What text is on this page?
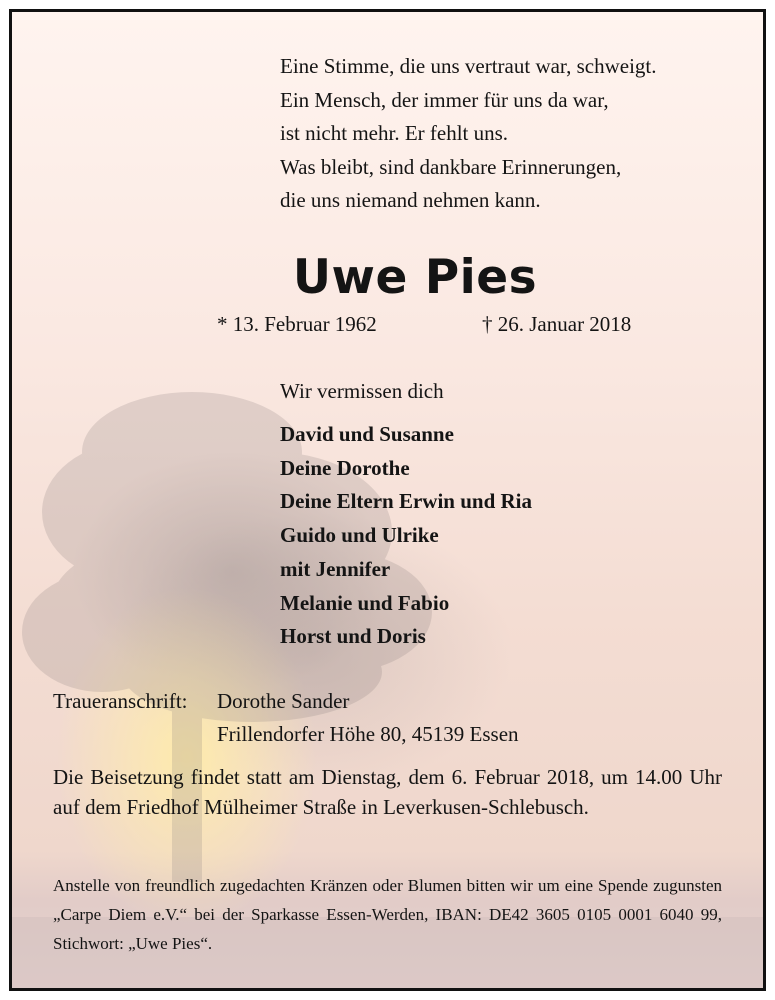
Eine Stimme, die uns vertraut war, schweigt.
Ein Mensch, der immer für uns da war,
ist nicht mehr. Er fehlt uns.
Was bleibt, sind dankbare Erinnerungen,
die uns niemand nehmen kann.
Uwe Pies
* 13. Februar 1962	† 26. Januar 2018
Wir vermissen dich
David und Susanne
Deine Dorothe
Deine Eltern Erwin und Ria
Guido und Ulrike
mit Jennifer
Melanie und Fabio
Horst und Doris
Traueranschrift: Dorothe Sander
Frillendorfer Höhe 80, 45139 Essen
Die Beisetzung findet statt am Dienstag, dem 6. Februar 2018, um 14.00 Uhr auf dem Friedhof Mülheimer Straße in Leverkusen-Schlebusch.
Anstelle von freundlich zugedachten Kränzen oder Blumen bitten wir um eine Spende zugunsten „Carpe Diem e.V.“ bei der Sparkasse Essen-Werden, IBAN: DE42 3605 0105 0001 6040 99, Stichwort: „Uwe Pies“.
